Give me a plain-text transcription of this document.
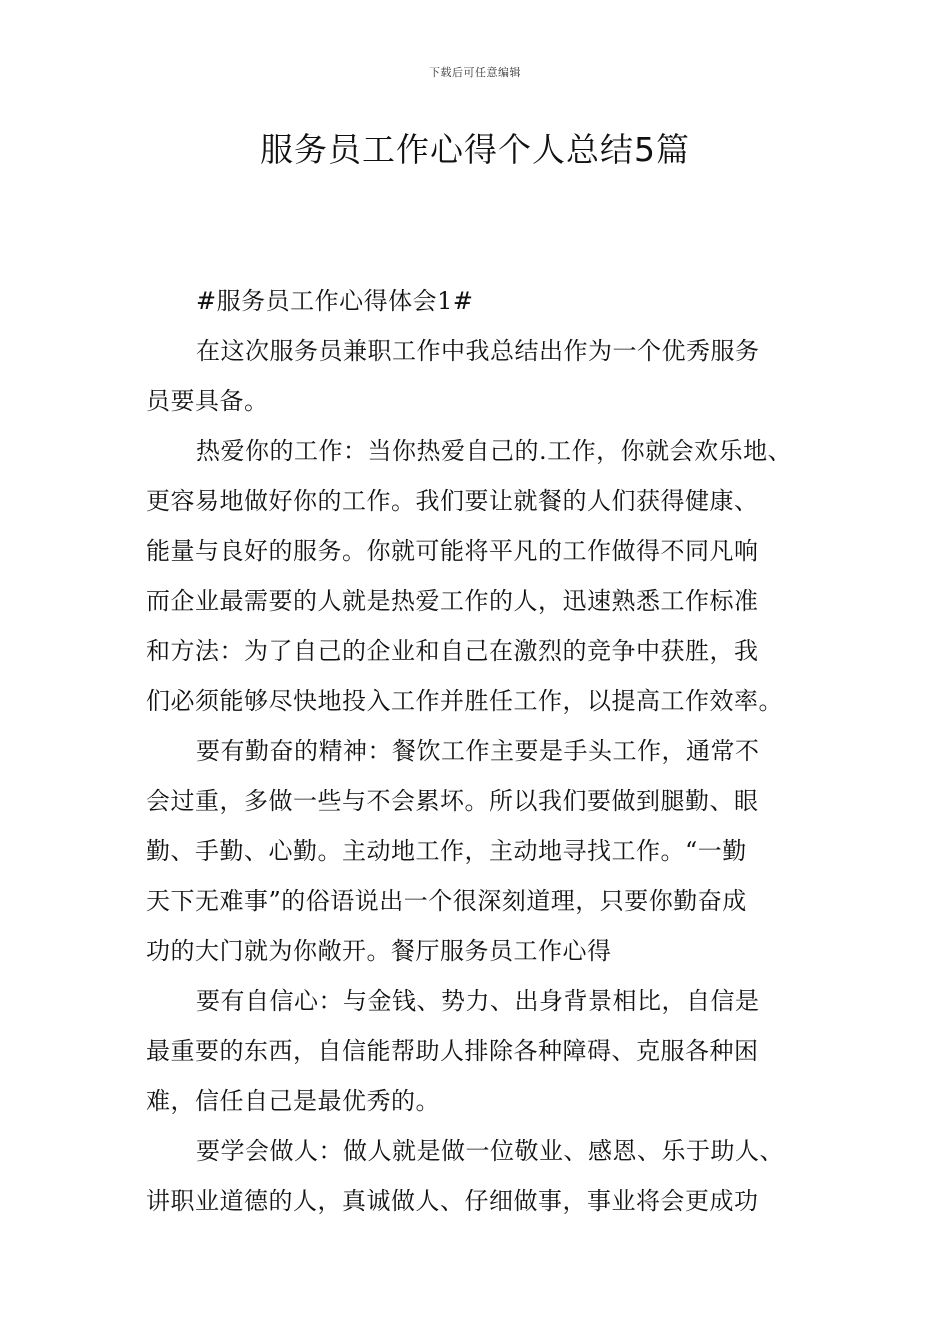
下载后可任意编辑
服务员工作心得个人总结5篇

#服务员工作心得体会1#

在这次服务员兼职工作中我总结出作为一个优秀服务
员要具备。

热爱你的工作：当你热爱自己的.工作，你就会欢乐地、
更容易地做好你的工作。我们要让就餐的人们获得健康、
能量与良好的服务。你就可能将平凡的工作做得不同凡响
而企业最需要的人就是热爱工作的人，迅速熟悉工作标准
和方法：为了自己的企业和自己在激烈的竞争中获胜，我
们必须能够尽快地投入工作并胜任工作，以提高工作效率。

要有勤奋的精神：餐饮工作主要是手头工作，通常不
会过重，多做一些与不会累坏。所以我们要做到腿勤、眼
勤、手勤、心勤。主动地工作，主动地寻找工作。“一勤
天下无难事”的俗语说出一个很深刻道理，只要你勤奋成
功的大门就为你敞开。餐厅服务员工作心得

要有自信心：与金钱、势力、出身背景相比，自信是
最重要的东西，自信能帮助人排除各种障碍、克服各种困
难，信任自己是最优秀的。

要学会做人：做人就是做一位敬业、感恩、乐于助人、
讲职业道德的人，真诚做人、仔细做事，事业将会更成功
